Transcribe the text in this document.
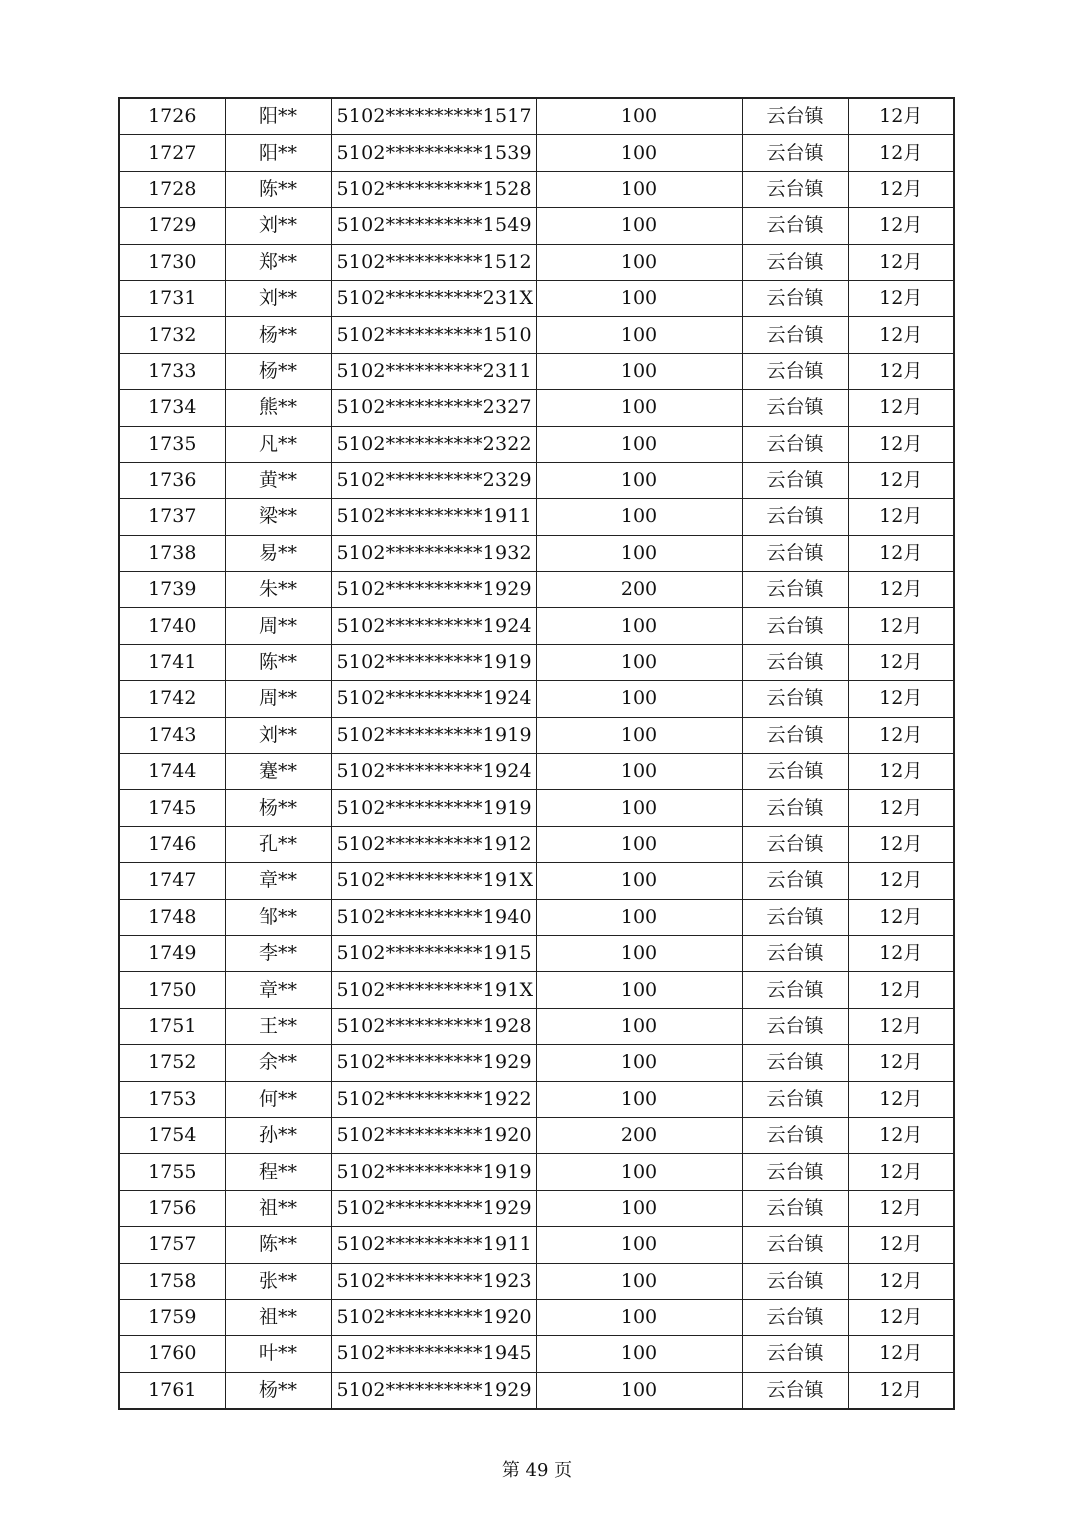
1726	阳**	5102**********1517	100	云台镇	12月
1727	阳**	5102**********1539	100	云台镇	12月
1728	陈**	5102**********1528	100	云台镇	12月
1729	刘**	5102**********1549	100	云台镇	12月
1730	郑**	5102**********1512	100	云台镇	12月
1731	刘**	5102**********231X	100	云台镇	12月
1732	杨**	5102**********1510	100	云台镇	12月
1733	杨**	5102**********2311	100	云台镇	12月
1734	熊**	5102**********2327	100	云台镇	12月
1735	凡**	5102**********2322	100	云台镇	12月
1736	黄**	5102**********2329	100	云台镇	12月
1737	梁**	5102**********1911	100	云台镇	12月
1738	易**	5102**********1932	100	云台镇	12月
1739	朱**	5102**********1929	200	云台镇	12月
1740	周**	5102**********1924	100	云台镇	12月
1741	陈**	5102**********1919	100	云台镇	12月
1742	周**	5102**********1924	100	云台镇	12月
1743	刘**	5102**********1919	100	云台镇	12月
1744	蹇**	5102**********1924	100	云台镇	12月
1745	杨**	5102**********1919	100	云台镇	12月
1746	孔**	5102**********1912	100	云台镇	12月
1747	章**	5102**********191X	100	云台镇	12月
1748	邹**	5102**********1940	100	云台镇	12月
1749	李**	5102**********1915	100	云台镇	12月
1750	章**	5102**********191X	100	云台镇	12月
1751	王**	5102**********1928	100	云台镇	12月
1752	余**	5102**********1929	100	云台镇	12月
1753	何**	5102**********1922	100	云台镇	12月
1754	孙**	5102**********1920	200	云台镇	12月
1755	程**	5102**********1919	100	云台镇	12月
1756	祖**	5102**********1929	100	云台镇	12月
1757	陈**	5102**********1911	100	云台镇	12月
1758	张**	5102**********1923	100	云台镇	12月
1759	祖**	5102**********1920	100	云台镇	12月
1760	叶**	5102**********1945	100	云台镇	12月
1761	杨**	5102**********1929	100	云台镇	12月
第 49 页
